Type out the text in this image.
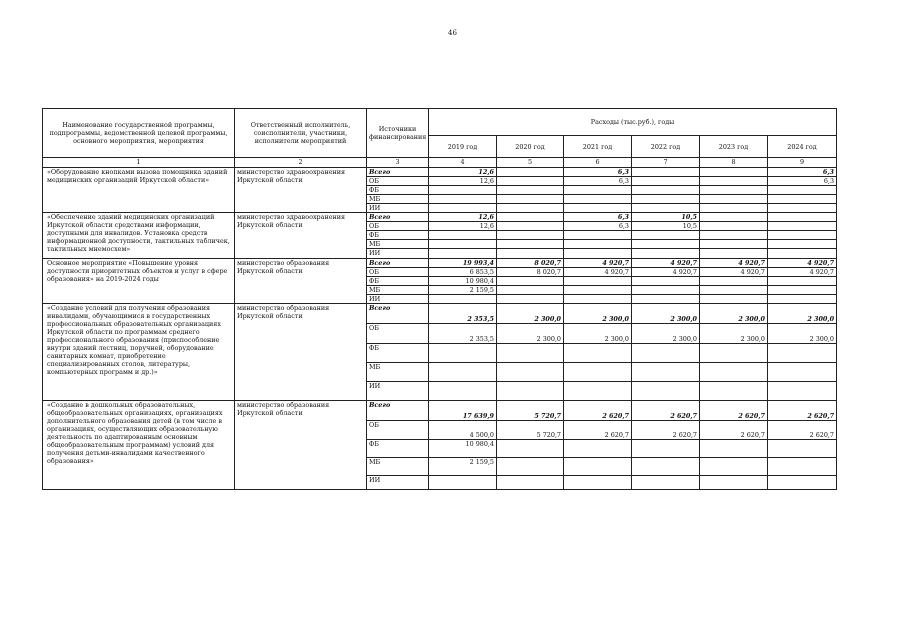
46
Наименование государственной программы, подпрограммы, ведомственной целевой программы, основного мероприятия, мероприятия	Ответственный исполнитель, соисполнители, участники, исполнители мероприятий	Источники финансирования	Расходы (тыс.руб.), годы					
			2019 год	2020 год	2021 год	2022 год	2023 год	2024 год
1	2	3	4	5	6	7	8	9
«Оборудование кнопками вызова помощника зданий медицинских организаций Иркутской области»	министерство здравоохранения Иркутской области	Всего	12,6		6,3			6,3
		ОБ	12,6		6,3			6,3
		ФБ						
		МБ						
		ИИ						
«Обеспечение зданий медицинских организаций Иркутской области средствами информации, доступными для инвалидов. Установка средств информационной доступности, тактильных табличек, тактильных мнемосхем»	министерство здравоохранения Иркутской области	Всего	12,6		6,3	10,5		
		ОБ	12,6		6,3	10,5		
		ФБ						
		МБ						
		ИИ						
Основное мероприятие «Повышение уровня доступности приоритетных объектов и услуг в сфере образования» на 2019-2024 годы	министерство образования Иркутской области	Всего	19 993,4	8 020,7	4 920,7	4 920,7	4 920,7	4 920,7
		ОБ	6 853,5	8 020,7	4 920,7	4 920,7	4 920,7	4 920,7
		ФБ	10 980,4					
		МБ	2 159,5					
		ИИ						
«Создание условий для получения образования инвалидами, обучающимися в государственных профессиональных образовательных организациях Иркутской области по программам среднего профессионального образования (приспособление внутри зданий лестниц, поручней, оборудование санитарных комнат, приобретение специализированных столов, литературы, компьютерных программ и др.)»	министерство образования Иркутской области	Всего	2 353,5	2 300,0	2 300,0	2 300,0	2 300,0	2 300,0
		ОБ	2 353,5	2 300,0	2 300,0	2 300,0	2 300,0	2 300,0
		ФБ						
		МБ						
		ИИ						
«Создание в дошкольных образовательных, общеобразовательных организациях, организациях дополнительного образования детей (в том числе в организациях, осуществляющих образовательную деятельность по адаптированным основным общеобразовательным программам) условий для получения детьми-инвалидами качественного образования»	министерство образования Иркутской области	Всего	17 639,9	5 720,7	2 620,7	2 620,7	2 620,7	2 620,7
		ОБ	4 500,0	5 720,7	2 620,7	2 620,7	2 620,7	2 620,7
		ФБ	10 980,4					
		МБ	2 159,5					
		ИИ						
